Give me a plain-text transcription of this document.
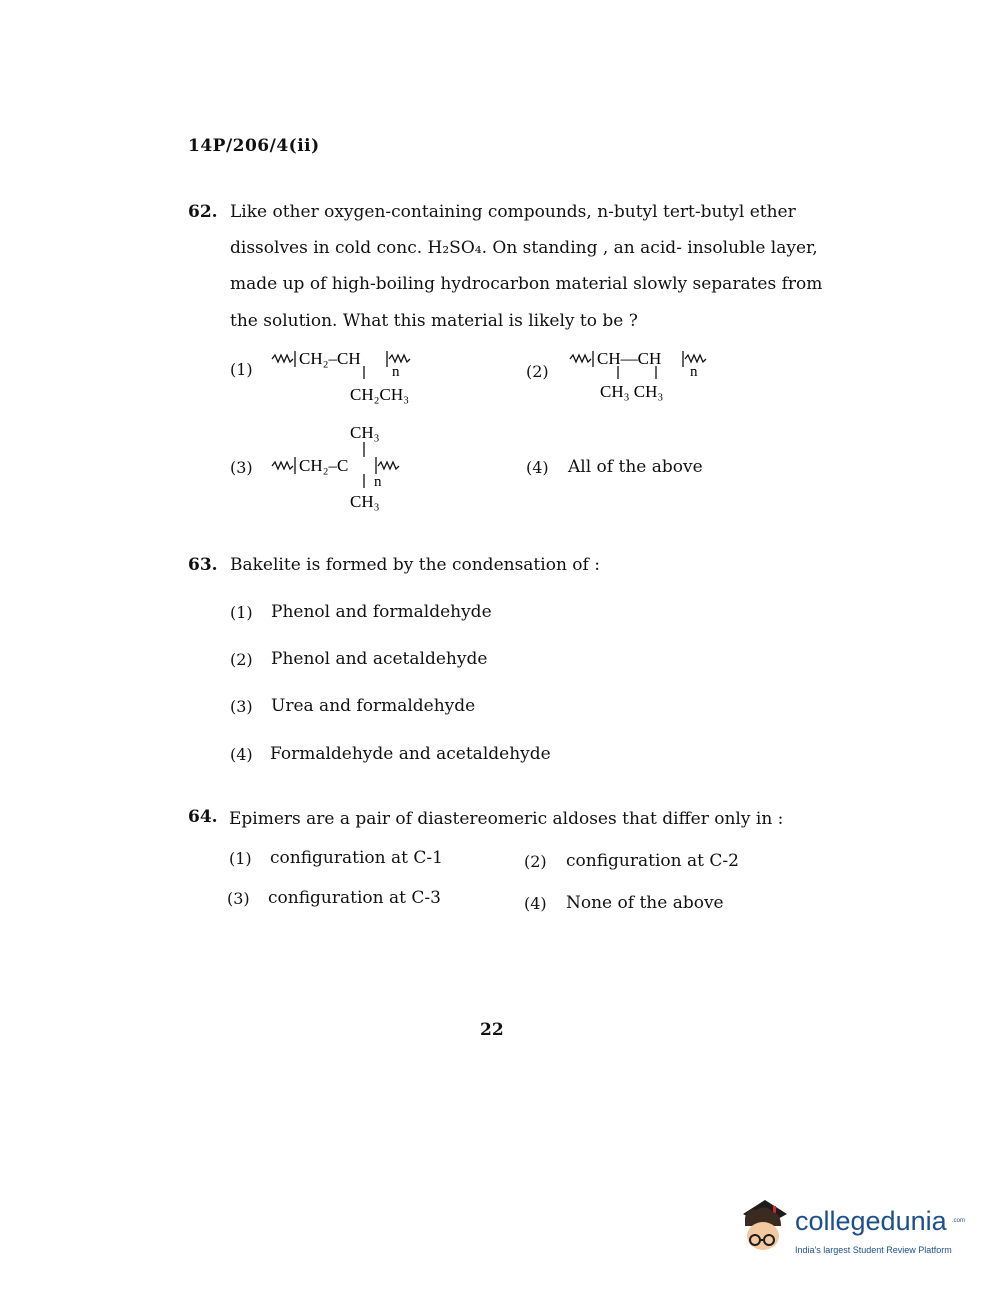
14P/206/4(ii)
62. Like other oxygen-containing compounds, n-butyl tert-butyl ether
dissolves in cold conc. H₂SO₄. On standing , an acid- insoluble layer,
made up of high-boiling hydrocarbon material slowly separates from
the solution. What this material is likely to be ?
(1)
CH₂–CH
n
CH₂CH₃
(2)
CH—CH
n
CH₃ CH₃
(3)
CH₃
CH₂–C
n
CH₃
(4) All of the above
63. Bakelite is formed by the condensation of :
(1) Phenol and formaldehyde
(2) Phenol and acetaldehyde
(3) Urea and formaldehyde
(4) Formaldehyde and acetaldehyde
64. Epimers are a pair of diastereomeric aldoses that differ only in :
(1) configuration at C-1	(2) configuration at C-2
(3) configuration at C-3	(4) None of the above
22
collegedunia .com
India's largest Student Review Platform
